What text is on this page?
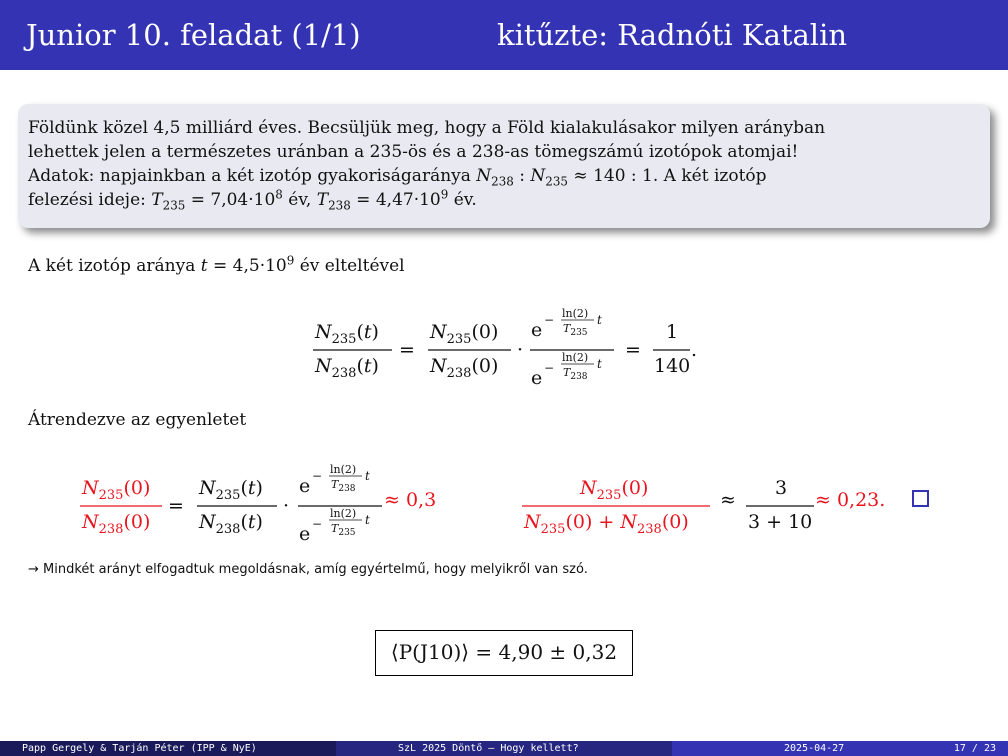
Junior 10. feladat (1/1)	kitűzte: Radnóti Katalin

Földünk közel 4,5 milliárd éves. Becsüljük meg, hogy a Föld kialakulásakor milyen arányban

lehettek jelen a természetes uránban a 235-ös és a 238-as tömegszámú izotópok atomjai!

Adatok: napjainkban a két izotóp gyakoriságaránya $N_{238}$ : $N_{235} \approx 140$ : 1. A két izotóp

felezési ideje: $T_{235} = 7,04\cdot 10^8$ év, $T_{238} = 4,47\cdot 10^9$ év.

A két izotóp aránya $t = 4,5\cdot 10^9$ év elteltével
$N_{235}(t)$
$N_{238}(t)$
=
$N_{235}(0)$
$N_{238}(0)$
·
e − ln(2)
$T_{235}$
t
e −
ln(2)
$T_{238}$
t
=
1
140
.
$N_{235}(0)$
$N_{238}(0)$
=
$N_{235}(t)$
$N_{238}(t)$
·
e − ln(2)
$T_{238}$
t
e −
ln(2)
$T_{235}$
t
≈ 0,3
$N_{235}(0)$
$N_{235}(0) + N_{238}(0)$
≈
3
3 + 10
≈ 0,23.
Átrendezve az egyenletet
→ Mindkét arányt elfogadtuk megoldásnak, amíg egyértelmű, hogy melyikről van szó.
⟨P(J10)⟩ = 4,90 ± 0,32
Papp Gergely & Tarján Péter (IPP & NyE)	SzL 2025 Döntő – Hogy kellett?	2025-04-27	17 / 23
